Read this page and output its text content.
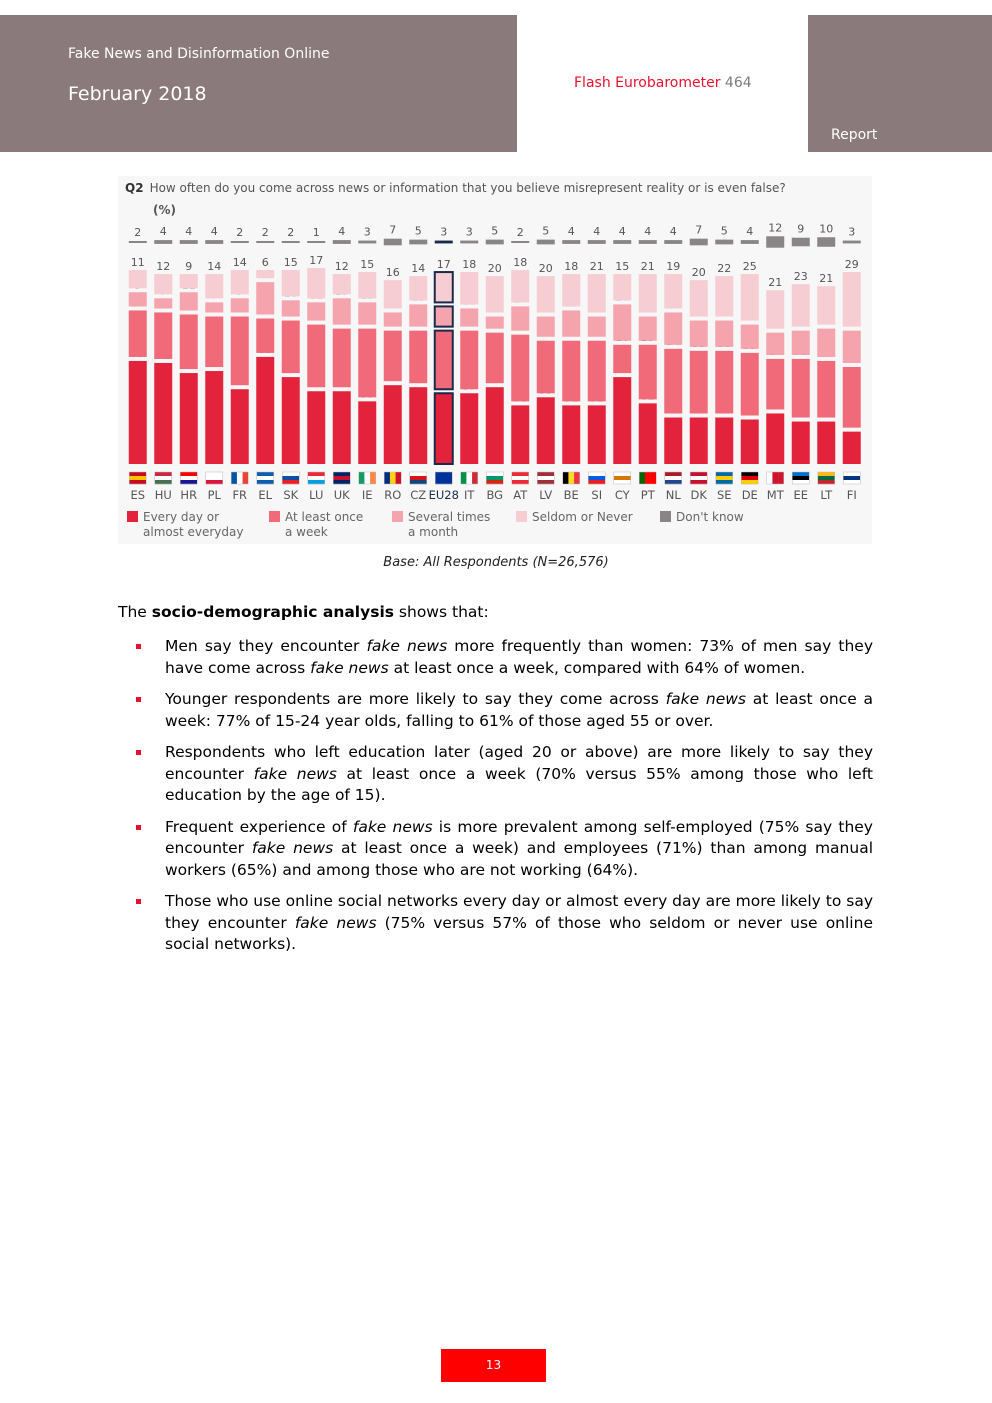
Fake News and Disinformation Online
February 2018	Flash Eurobarometer 464
Report
Q2 How often do you come across news or information that you believe misrepresent reality or is even false?
(%)
2
11
ES
4
12
HU
4
9
HR
4
14
PL
2
14
FR
2
6
EL
2
15
SK
1
17
LU
4
12
UK
3
15
IE
7
16
RO
5
14
CZ
3
17
EU28
3
18
IT
5
20
BG
2
18
AT
5
20
LV
4
18
BE
4
21
SI
4
15
CY
4
21
PT
4
19
NL
7
20
DK
5
22
SE
4
25
DE
12
21
MT
9
23
EE
10
21
LT
3
29
FI
Every day or
almost everyday
At least once
a week
Several times
a month
Seldom or Never	Don't know
Base: All Respondents (N=26,576)
The socio-demographic analysis shows that:
Men say they encounter fake news more frequently than women: 73% of men say they have come across fake news at least once a week, compared with 64% of women.
Younger respondents are more likely to say they come across fake news at least once a week: 77% of 15-24 year olds, falling to 61% of those aged 55 or over.
Respondents who left education later (aged 20 or above) are more likely to say they encounter fake news at least once a week (70% versus 55% among those who left education by the age of 15).
Frequent experience of fake news is more prevalent among self-employed (75% say they encounter fake news at least once a week) and employees (71%) than among manual workers (65%) and among those who are not working (64%).
Those who use online social networks every day or almost every day are more likely to say they encounter fake news (75% versus 57% of those who seldom or never use online social networks).
13
